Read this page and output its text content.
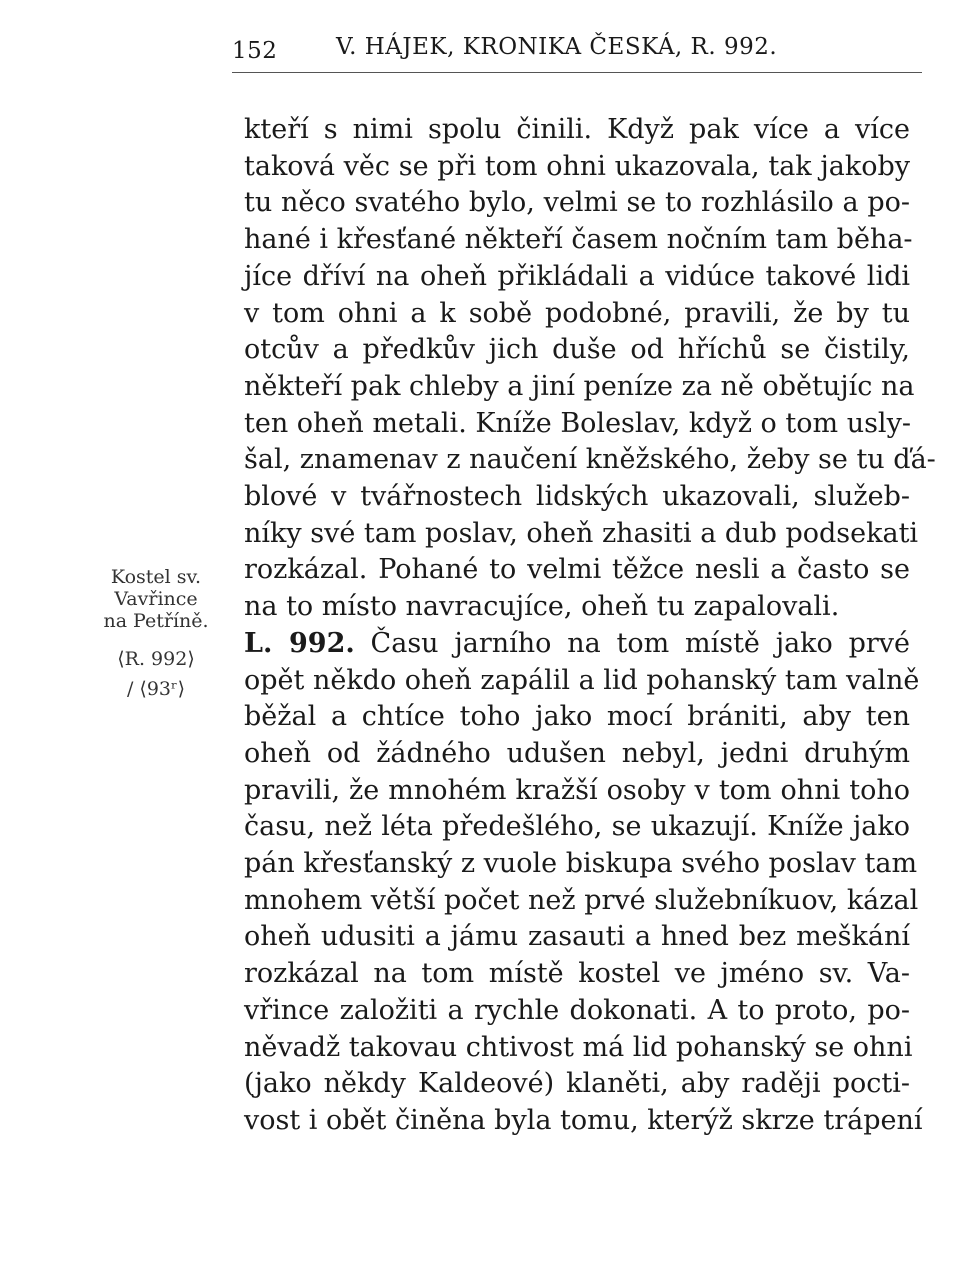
152	V. HÁJEK, KRONIKA ČESKÁ, R. 992.
Kostel sv.
Vavřince
na Petříně.
⟨R. 992⟩
/ ⟨93ʳ⟩
kteří s nimi spolu činili. Když pak více a více
taková věc se při tom ohni ukazovala, tak jakoby
tu něco svatého bylo, velmi se to rozhlásilo a po-
hané i křesťané někteří časem nočním tam běha-
jíce dříví na oheň přikládali a vidúce takové lidi
v tom ohni a k sobě podobné, pravili, že by tu
otcův a předkův jich duše od hříchů se čistily,
někteří pak chleby a jiní peníze za ně obětujíc na
ten oheň metali. Kníže Boleslav, když o tom usly-
šal, znamenav z naučení kněžského, žeby se tu ďá-
blové v tvářnostech lidských ukazovali, služeb-
níky své tam poslav, oheň zhasiti a dub podsekati
rozkázal. Pohané to velmi těžce nesli a často se
na to místo navracujíce, oheň tu zapalovali.
L. 992. Času jarního na tom místě jako prvé
opět někdo oheň zapálil a lid pohanský tam valně
běžal a chtíce toho jako mocí brániti, aby ten
oheň od žádného udušen nebyl, jedni druhým
pravili, že mnohém kražší osoby v tom ohni toho
času, než léta předešlého, se ukazují. Kníže jako
pán křesťanský z vuole biskupa svého poslav tam
mnohem větší počet než prvé služebníkuov, kázal
oheň udusiti a jámu zasauti a hned bez meškání
rozkázal na tom místě kostel ve jméno sv. Va-
vřince založiti a rychle dokonati. A to proto, po-
něvadž takovau chtivost má lid pohanský se ohni
(jako někdy Kaldeové) klaněti, aby raději pocti-
vost i obět činěna byla tomu, kterýž skrze trápení
